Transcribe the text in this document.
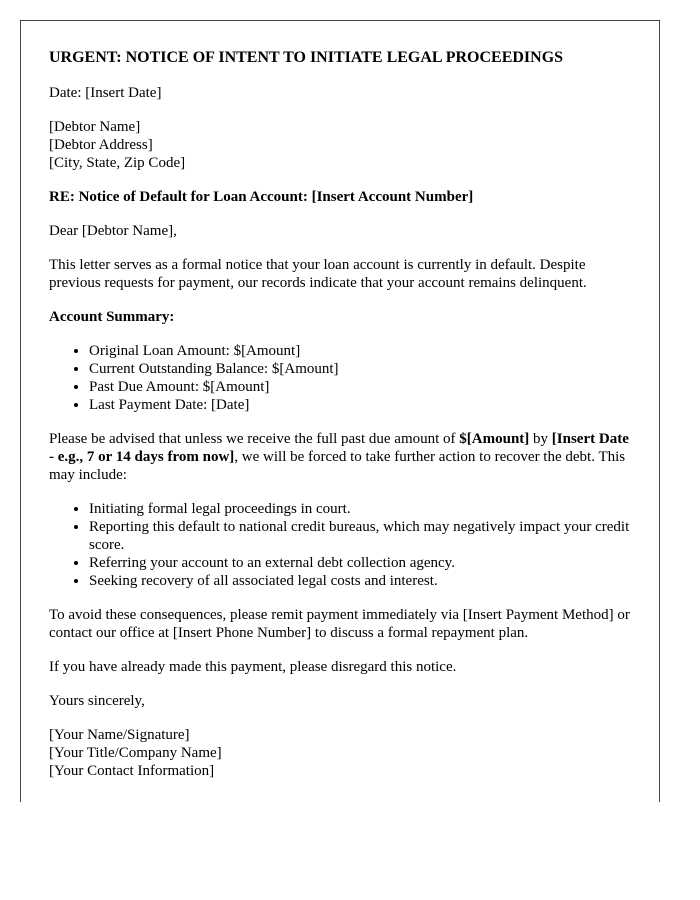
URGENT: NOTICE OF INTENT TO INITIATE LEGAL PROCEEDINGS

Date: [Insert Date]

[Debtor Name]
[Debtor Address]
[City, State, Zip Code]

RE: Notice of Default for Loan Account: [Insert Account Number]

Dear [Debtor Name],

This letter serves as a formal notice that your loan account is currently in default. Despite previous requests for payment, our records indicate that your account remains delinquent.

Account Summary:
• Original Loan Amount: $[Amount]
• Current Outstanding Balance: $[Amount]
• Past Due Amount: $[Amount]
• Last Payment Date: [Date]

Please be advised that unless we receive the full past due amount of $[Amount] by [Insert Date - e.g., 7 or 14 days from now], we will be forced to take further action to recover the debt. This may include:

• Initiating formal legal proceedings in court.
• Reporting this default to national credit bureaus, which may negatively impact your credit score.
• Referring your account to an external debt collection agency.
• Seeking recovery of all associated legal costs and interest.

To avoid these consequences, please remit payment immediately via [Insert Payment Method] or contact our office at [Insert Phone Number] to discuss a formal repayment plan.

If you have already made this payment, please disregard this notice.

Yours sincerely,

[Your Name/Signature]
[Your Title/Company Name]
[Your Contact Information]
